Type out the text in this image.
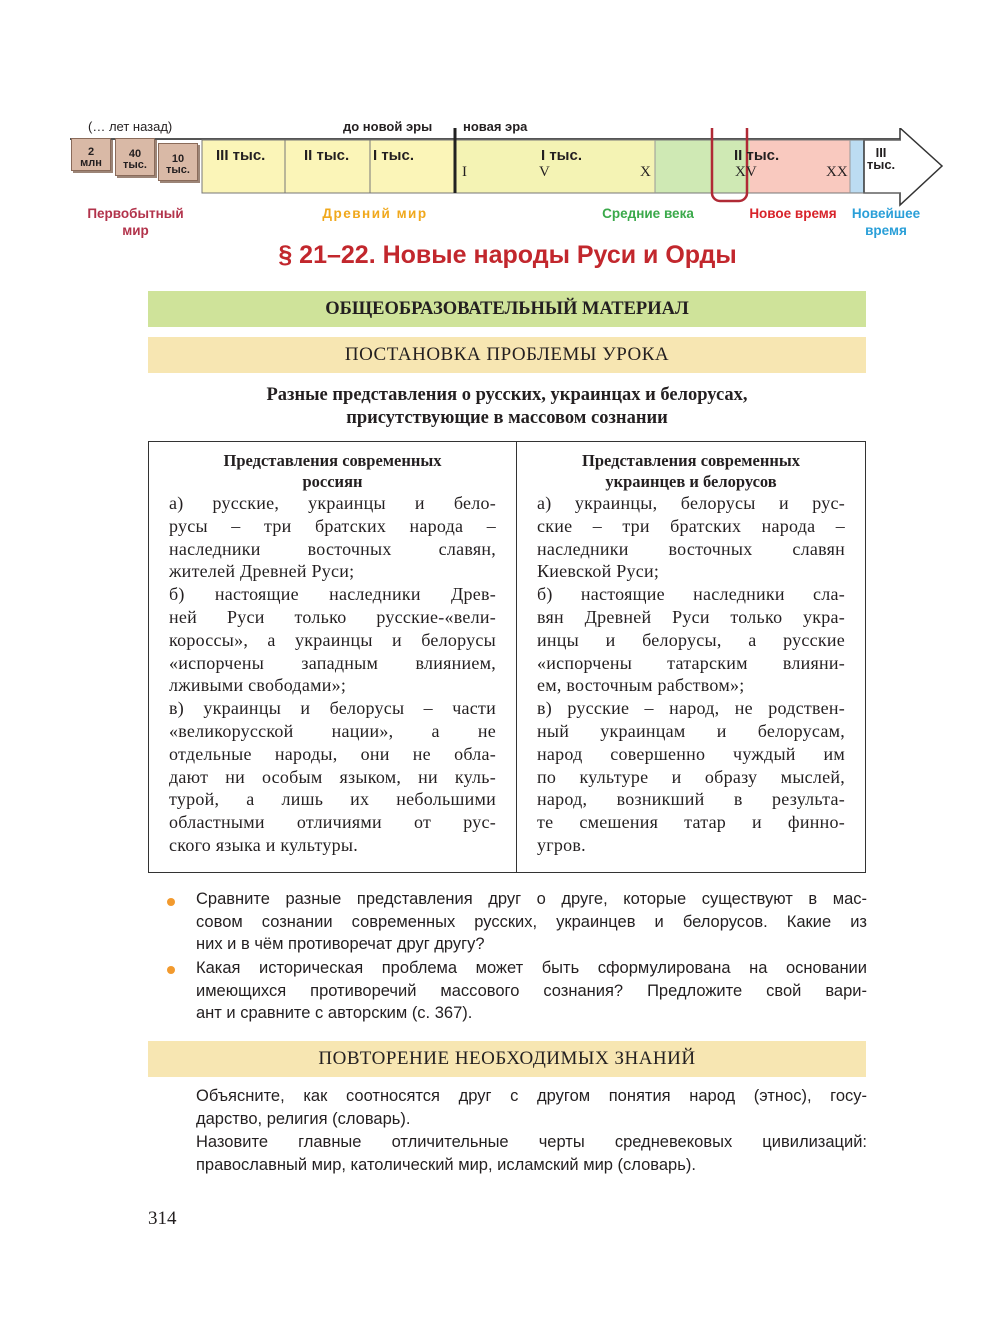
(… лет назад)	до новой эры новая эра
2
млн
40
тыс.	10
тыс.
III тыс.	II тыс. I тыс.	I тыс.	II тыс.	III
тыс.
I	V	X	XV	XX
Первобытный
мир
Древний мир	Средние века	Новое время	Новейшее
время
§ 21–22. Новые народы Руси и Орды
ОБЩЕОБРАЗОВАТЕЛЬНЫЙ МАТЕРИАЛ
ПОСТАНОВКА ПРОБЛЕМЫ УРОКА
Разные представления о русских, украинцах и белорусах,
присутствующие в массовом сознании
Представления современных
россиян
а) русские, украинцы и бело-
русы – три братских народа –
наследники восточных славян,
жителей Древней Руси;
б) настоящие наследники Древ-
ней Руси только русские-«вели-
короссы», а украинцы и белорусы
«испорчены западным влиянием,
лживыми свободами»;
в) украинцы и белорусы – части
«великорусской нации», а не
отдельные народы, они не обла-
дают ни особым языком, ни куль-
турой, а лишь их небольшими
областными отличиями от рус-
ского языка и культуры.
Представления современных
украинцев и белорусов
а) украинцы, белорусы и рус-
ские – три братских народа –
наследники восточных славян
Киевской Руси;
б) настоящие наследники сла-
вян Древней Руси только укра-
инцы и белорусы, а русские
«испорчены татарским влияни-
ем, восточным рабством»;
в) русские – народ, не родствен-
ный украинцам и белорусам,
народ совершенно чуждый им
по культуре и образу мыслей,
народ, возникший в результа-
те смешения татар и финно-
угров.
Сравните разные представления друг о друге, которые существуют в мас-
совом сознании современных русских, украинцев и белорусов. Какие из
них и в чём противоречат друг другу?
Какая историческая проблема может быть сформулирована на основании
имеющихся противоречий массового сознания? Предложите свой вари-
ант и сравните с авторским (с. 367).
ПОВТОРЕНИЕ НЕОБХОДИМЫХ ЗНАНИЙ
Объясните, как соотносятся друг с другом понятия народ (этнос), госу-
дарство, религия (словарь).
Назовите главные отличительные черты средневековых цивилизаций:
православный мир, католический мир, исламский мир (словарь).
314
